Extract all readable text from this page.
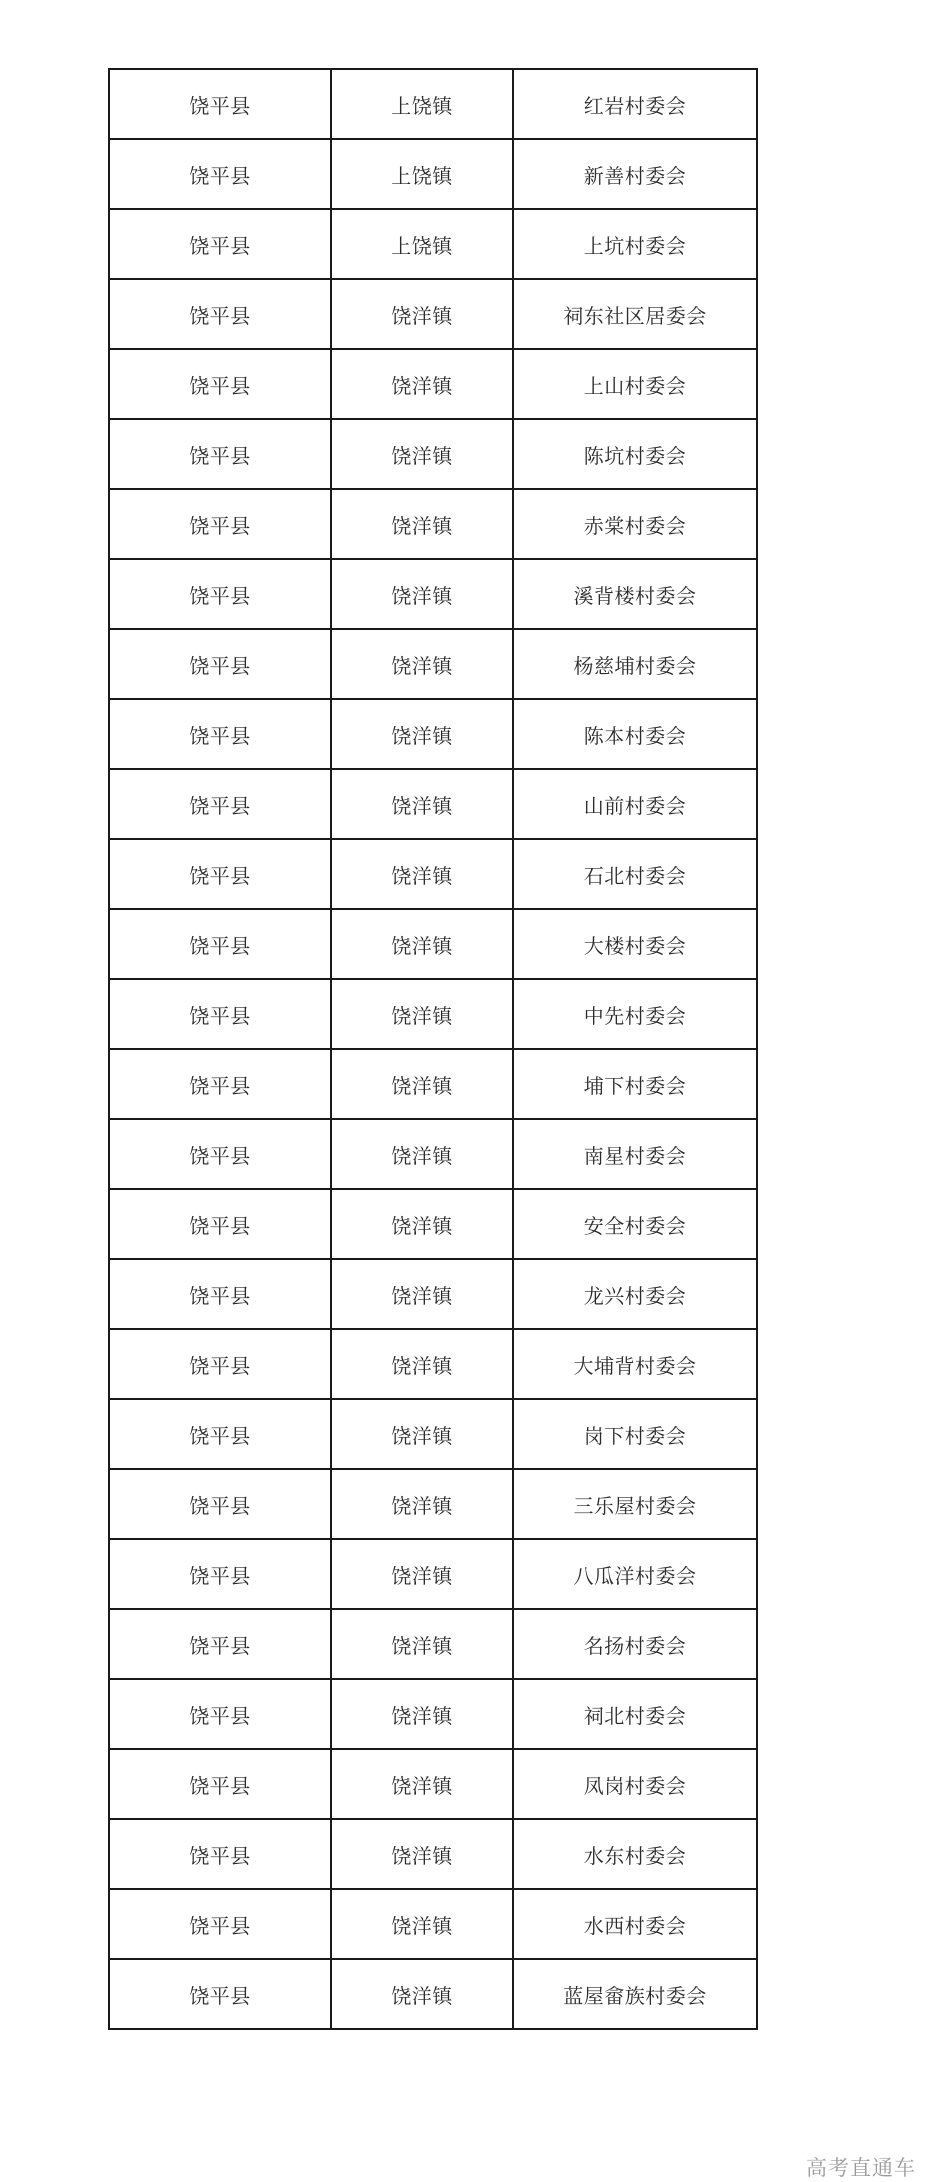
饶平县	上饶镇	红岩村委会
饶平县	上饶镇	新善村委会
饶平县	上饶镇	上坑村委会
饶平县	饶洋镇	祠东社区居委会
饶平县	饶洋镇	上山村委会
饶平县	饶洋镇	陈坑村委会
饶平县	饶洋镇	赤棠村委会
饶平县	饶洋镇	溪背楼村委会
饶平县	饶洋镇	杨慈埔村委会
饶平县	饶洋镇	陈本村委会
饶平县	饶洋镇	山前村委会
饶平县	饶洋镇	石北村委会
饶平县	饶洋镇	大楼村委会
饶平县	饶洋镇	中先村委会
饶平县	饶洋镇	埔下村委会
饶平县	饶洋镇	南星村委会
饶平县	饶洋镇	安全村委会
饶平县	饶洋镇	龙兴村委会
饶平县	饶洋镇	大埔背村委会
饶平县	饶洋镇	岗下村委会
饶平县	饶洋镇	三乐屋村委会
饶平县	饶洋镇	八瓜洋村委会
饶平县	饶洋镇	名扬村委会
饶平县	饶洋镇	祠北村委会
饶平县	饶洋镇	凤岗村委会
饶平县	饶洋镇	水东村委会
饶平县	饶洋镇	水西村委会
饶平县	饶洋镇	蓝屋畲族村委会
高考直通车
